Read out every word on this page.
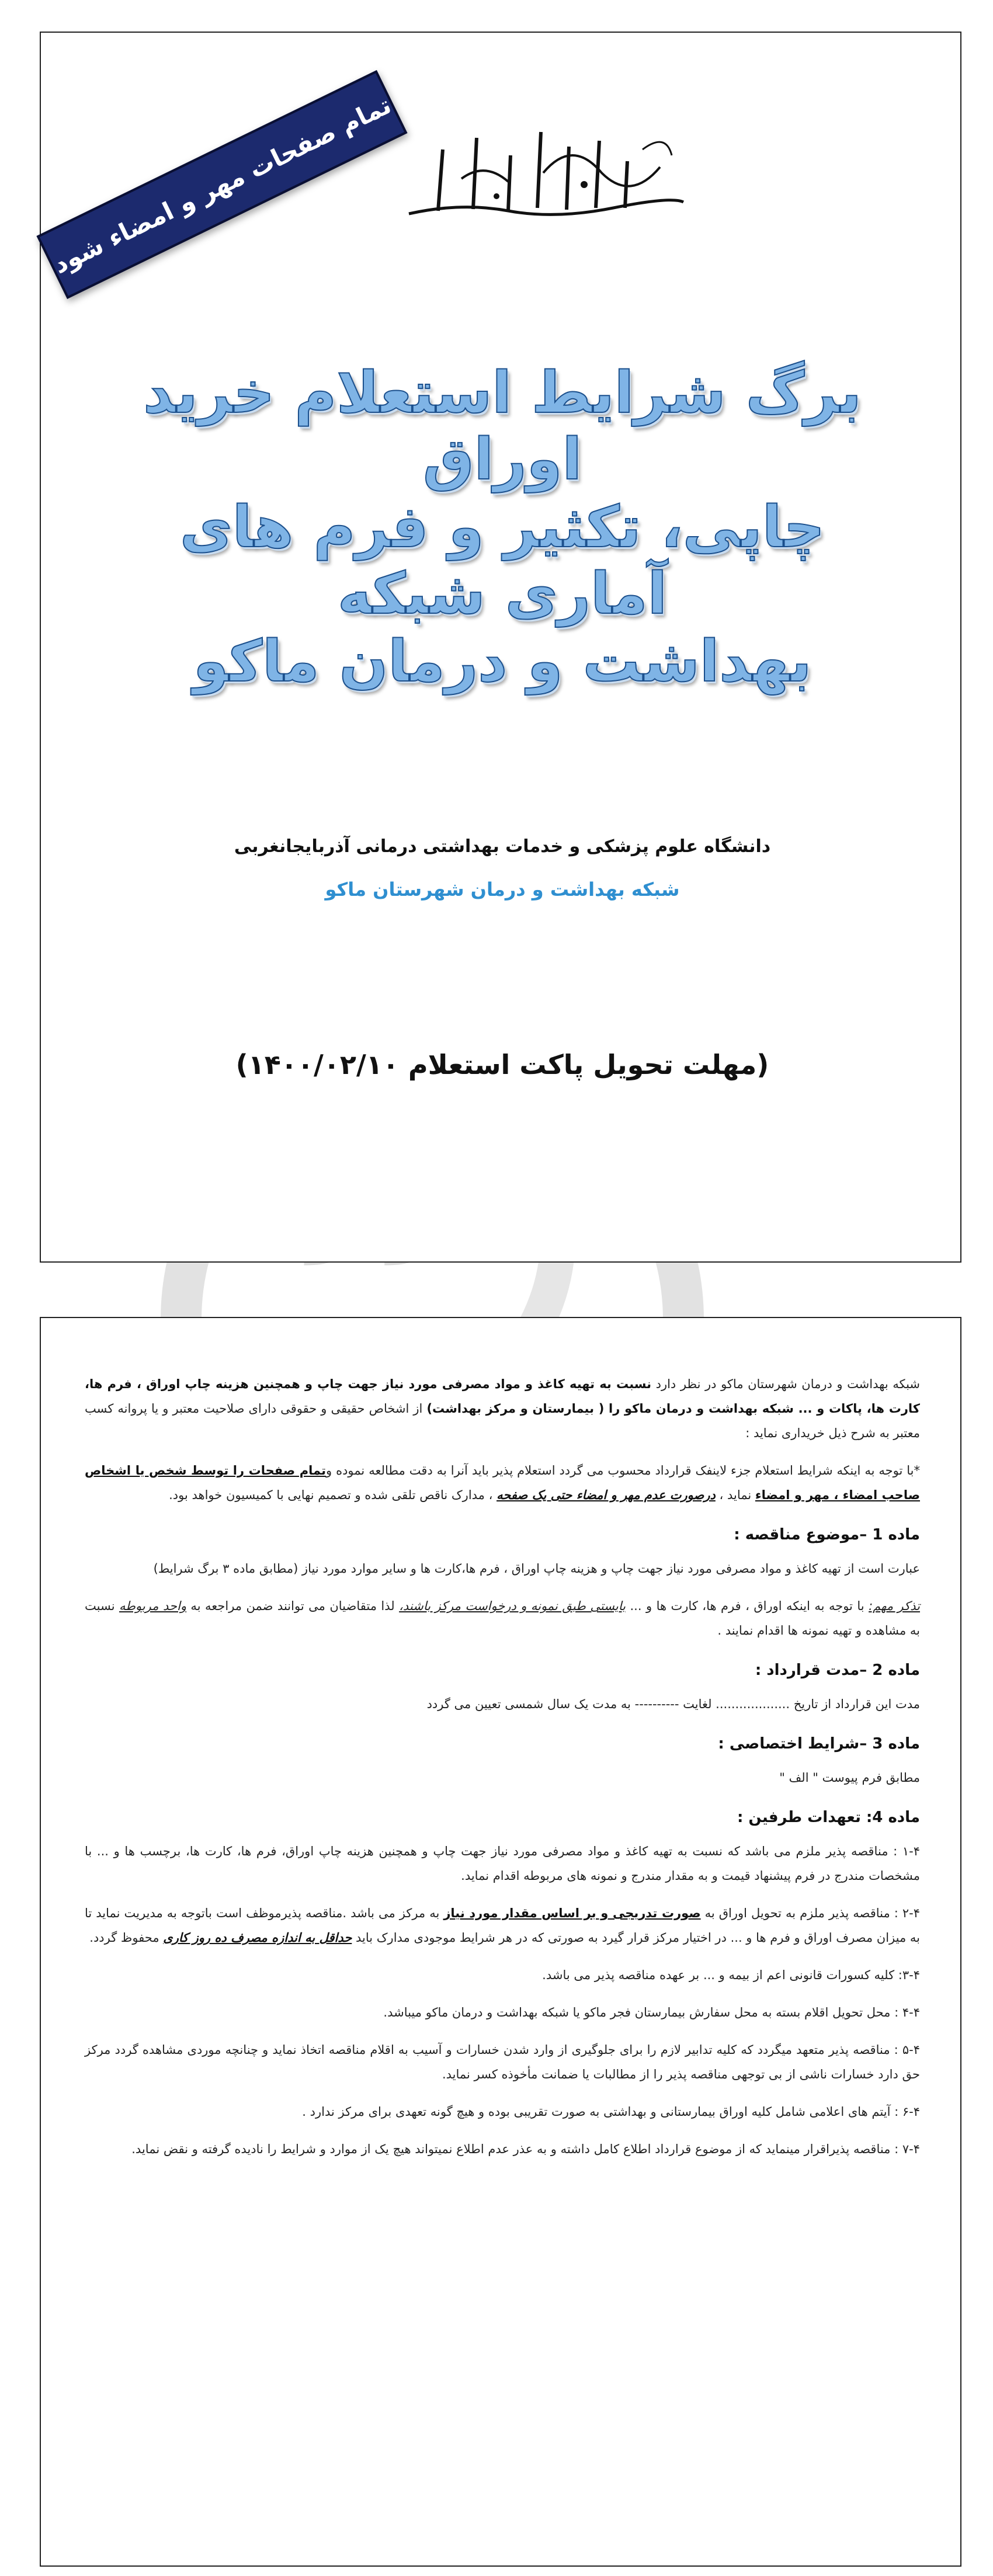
تمام صفحات مهر و امضاء شود
برگ شرایط استعلام خرید اوراق
چاپی، تکثیر و فرم های آماری شبکه
بهداشت و درمان ماکو
دانشگاه علوم پزشکی و خدمات بهداشتی درمانی آذربایجانغربی
شبکه بهداشت و درمان شهرستان ماکو
(مهلت تحویل پاکت استعلام ۱۴۰۰/۰۲/۱۰)

شبکه بهداشت و درمان شهرستان ماکو در نظر دارد نسبت به تهیه کاغذ و مواد مصرفی مورد نیاز جهت چاپ و همچنین هزینه چاپ اوراق ، فرم ها، کارت ها، پاکات و ... شبکه بهداشت و درمان ماکو را ( بیمارستان و مرکز بهداشت) از اشخاص حقیقی و حقوقی دارای صلاحیت معتبر و یا پروانه کسب معتبر به شرح ذیل خریداری نماید :

*با توجه به اینکه شرایط استعلام جزء لاینفک قرارداد محسوب می گردد استعلام پذیر باید آنرا به دقت مطالعه نموده وتمام صفحات را توسط شخص یا اشخاص صاحب امضاء ، مهر و امضاء نماید ، درصورت عدم مهر و امضاء حتی یک صفحه ، مدارک ناقص تلقی شده و تصمیم نهایی با کمیسیون خواهد بود.

ماده 1 –موضوع مناقصه :

عبارت است از تهیه کاغذ و مواد مصرفی مورد نیاز جهت چاپ و هزینه چاپ اوراق ، فرم ها،کارت ها و سایر موارد مورد نیاز (مطابق ماده ۳ برگ شرایط)

تذکر مهم: با توجه به اینکه اوراق ، فرم ها، کارت ها و ... بایستی طبق نمونه و درخواست مرکز باشند، لذا متقاضیان می توانند ضمن مراجعه به واحد مربوطه نسبت به مشاهده و تهیه نمونه ها اقدام نمایند .

ماده 2 –مدت قرارداد :

مدت این قرارداد از تاریخ ................... لغایت ---------- به مدت یک سال شمسی تعیین می گردد

ماده 3 –شرایط اختصاصی :

مطابق فرم پیوست " الف "

ماده 4: تعهدات طرفین :

۱-۴ : مناقصه پذیر ملزم می باشد که نسبت به تهیه کاغذ و مواد مصرفی مورد نیاز جهت چاپ و همچنین هزینه چاپ اوراق، فرم ها، کارت ها، برچسب ها و ... با مشخصات مندرج در فرم پیشنهاد قیمت و به مقدار مندرج و نمونه های مربوطه اقدام نماید.

۲-۴ : مناقصه پذیر ملزم به تحویل اوراق به صورت تدریجی و بر اساس مقدار مورد نیاز به مرکز می باشد .مناقصه پذیرموظف است باتوجه به مدیریت نماید تا به میزان مصرف اوراق و فرم ها و ... در اختیار مرکز قرار گیرد به صورتی که در هر شرایط موجودی مدارک باید حداقل به اندازه مصرف ده روز کاری محفوظ گردد.

۳-۴: کلیه کسورات قانونی اعم از بیمه و ... بر عهده مناقصه پذیر می باشد.

۴-۴ : محل تحویل اقلام بسته به محل سفارش بیمارستان فجر ماکو یا شبکه بهداشت و درمان ماکو میباشد.

۵-۴ : مناقصه پذیر متعهد میگردد که کلیه تدابیر لازم را برای جلوگیری از وارد شدن خسارات و آسیب به اقلام مناقصه اتخاذ نماید و چنانچه موردی مشاهده گردد مرکز حق دارد خسارات ناشی از بی توجهی مناقصه پذیر را از مطالبات یا ضمانت مأخوذه کسر نماید.

۶-۴ : آیتم های اعلامی شامل کلیه اوراق بیمارستانی و بهداشتی به صورت تقریبی بوده و هیچ گونه تعهدی برای مرکز ندارد .

۷-۴ : مناقصه پذیراقرار مینماید که از موضوع قرارداد اطلاع کامل داشته و به عذر عدم اطلاع نمیتواند هیچ یک از موارد و شرایط را نادیده گرفته و نقض نماید.
